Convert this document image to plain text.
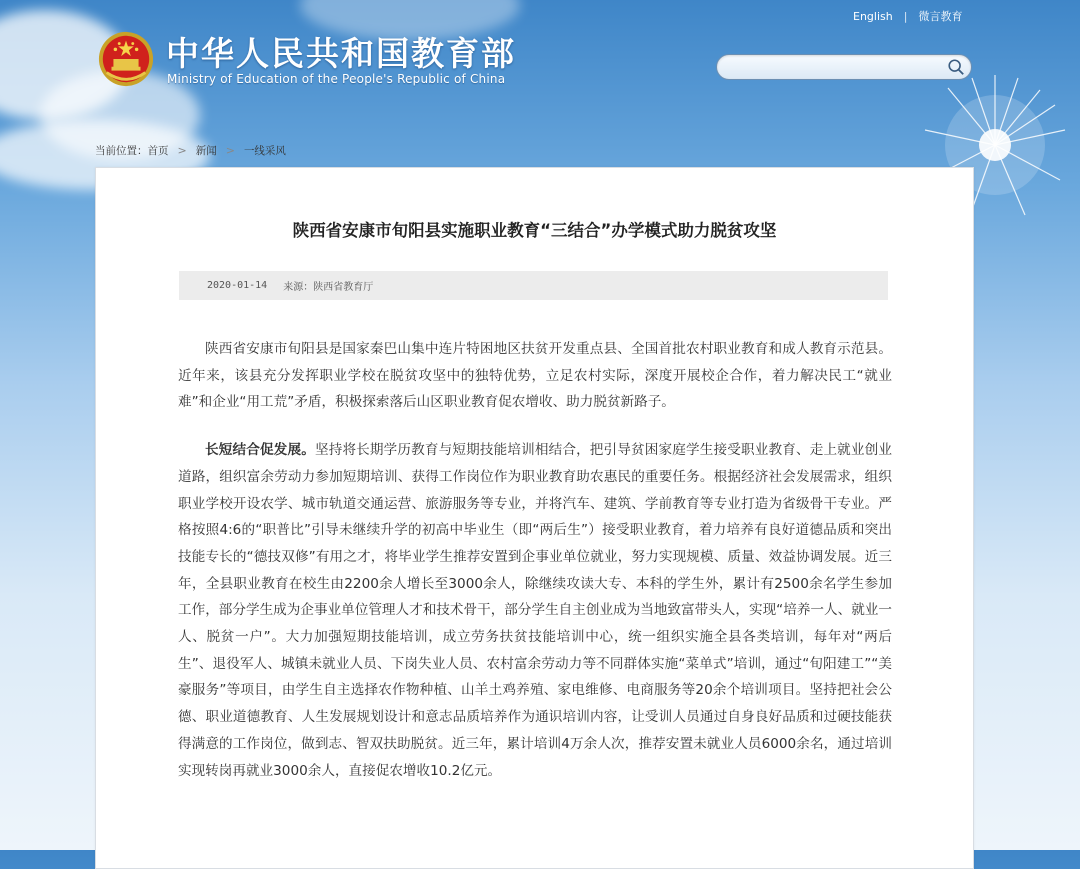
English | 微言教育
中华人民共和国教育部
Ministry of Education of the People's Republic of China
当前位置： 首页 > 新闻 > 一线采风
陕西省安康市旬阳县实施职业教育“三结合”办学模式助力脱贫攻坚
2020-01-14 来源：陕西省教育厅

陕西省安康市旬阳县是国家秦巴山集中连片特困地区扶贫开发重点县、全国首批农村职业教育和成人教育示范县。近年来，该县充分发挥职业学校在脱贫攻坚中的独特优势，立足农村实际，深度开展校企合作，着力解决民工“就业难”和企业“用工荒”矛盾，积极探索落后山区职业教育促农增收、助力脱贫新路子。

长短结合促发展。坚持将长期学历教育与短期技能培训相结合，把引导贫困家庭学生接受职业教育、走上就业创业道路，组织富余劳动力参加短期培训、获得工作岗位作为职业教育助农惠民的重要任务。根据经济社会发展需求，组织职业学校开设农学、城市轨道交通运营、旅游服务等专业，并将汽车、建筑、学前教育等专业打造为省级骨干专业。严格按照4:6的“职普比”引导未继续升学的初高中毕业生（即“两后生”）接受职业教育，着力培养有良好道德品质和突出技能专长的“德技双修”有用之才，将毕业学生推荐安置到企事业单位就业，努力实现规模、质量、效益协调发展。近三年，全县职业教育在校生由2200余人增长至3000余人，除继续攻读大专、本科的学生外，累计有2500余名学生参加工作，部分学生成为企事业单位管理人才和技术骨干，部分学生自主创业成为当地致富带头人，实现“培养一人、就业一人、脱贫一户”。大力加强短期技能培训，成立劳务扶贫技能培训中心，统一组织实施全县各类培训，每年对“两后生”、退役军人、城镇未就业人员、下岗失业人员、农村富余劳动力等不同群体实施“菜单式”培训，通过“旬阳建工”“美豪服务”等项目，由学生自主选择农作物种植、山羊土鸡养殖、家电维修、电商服务等20余个培训项目。坚持把社会公德、职业道德教育、人生发展规划设计和意志品质培养作为通识培训内容，让受训人员通过自身良好品质和过硬技能获得满意的工作岗位，做到志、智双扶助脱贫。近三年，累计培训4万余人次，推荐安置未就业人员6000余名，通过培训实现转岗再就业3000余人，直接促农增收10.2亿元。
